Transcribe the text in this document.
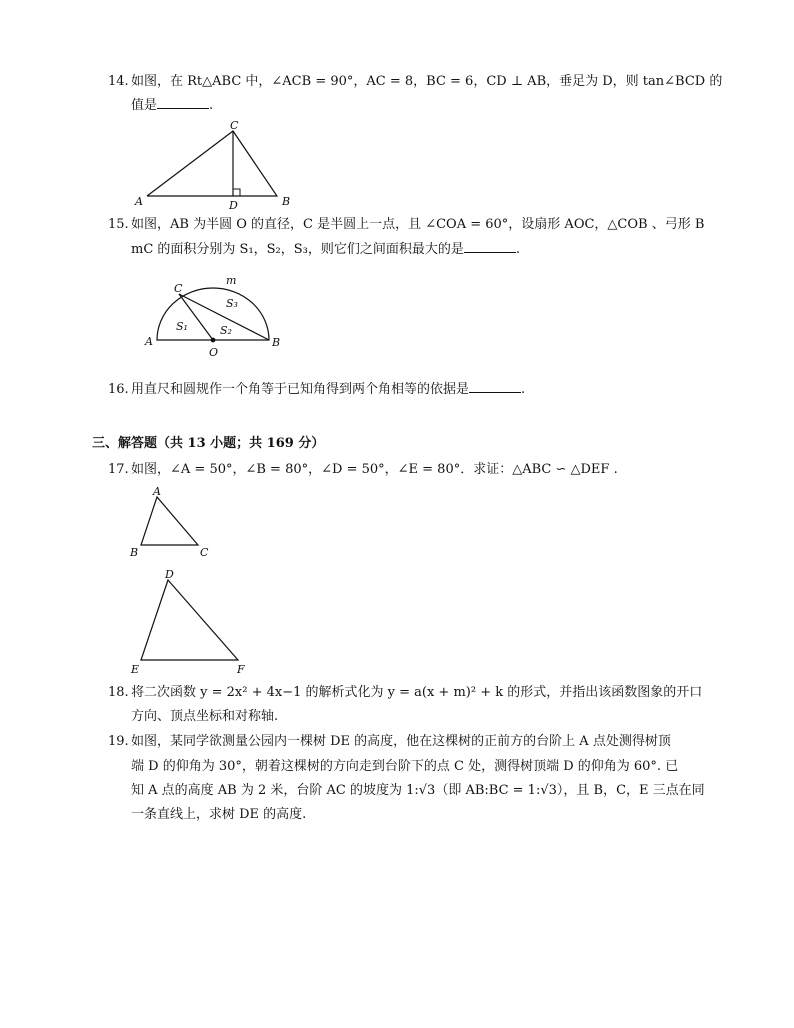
14. 如图，在 Rt△ABC 中，∠ACB = 90°，AC = 8，BC = 6，CD ⊥ AB，垂足为 D，则 tan∠BCD 的
值是	.
C
A	D	B
15. 如图，AB 为半圆 O 的直径，C 是半圆上一点，且 ∠COA = 60°，设扇形 AOC，△COB 、弓形 B
mC 的面积分别为 S₁，S₂，S₃，则它们之间面积最大的是	.
C
m
S₃
S₁	S₂
A
O
B
16. 用直尺和圆规作一个角等于已知角得到两个角相等的依据是	.
三、解答题（共 13 小题；共 169 分）
17. 如图，∠A = 50°，∠B = 80°，∠D = 50°，∠E = 80°．求证：△ABC ∽ △DEF .
A
B	C
D
E	F
18. 将二次函数 y = 2x² + 4x−1 的解析式化为 y = a(x + m)² + k 的形式，并指出该函数图象的开口
方向、顶点坐标和对称轴.
19. 如图，某同学欲测量公园内一棵树 DE 的高度，他在这棵树的正前方的台阶上 A 点处测得树顶
端 D 的仰角为 30°，朝着这棵树的方向走到台阶下的点 C 处，测得树顶端 D 的仰角为 60°. 已
知 A 点的高度 AB 为 2 米，台阶 AC 的坡度为 1:√3（即 AB:BC = 1:√3），且 B，C，E 三点在同
一条直线上，求树 DE 的高度.
